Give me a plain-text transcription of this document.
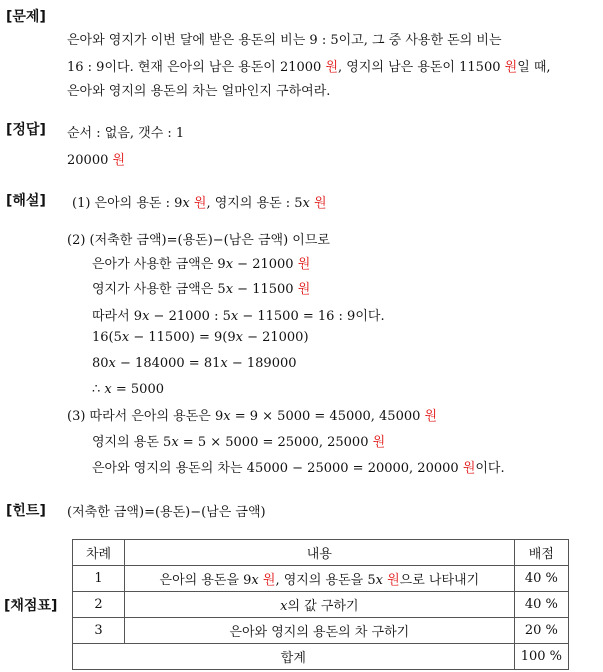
[문제]
은아와 영지가 이번 달에 받은 용돈의 비는 9 : 5이고, 그 중 사용한 돈의 비는
16 : 9이다. 현재 은아의 남은 용돈이 21000 원, 영지의 남은 용돈이 11500 원일 때,
은아와 영지의 용돈의 차는 얼마인지 구하여라.
[정답] 순서 : 없음, 갯수 : 1
20000 원
[해설] (1) 은아의 용돈 : 9x 원, 영지의 용돈 : 5x 원
(2) (저축한 금액)=(용돈)−(남은 금액) 이므로
은아가 사용한 금액은 9x − 21000 원
영지가 사용한 금액은 5x − 11500 원
따라서 9x − 21000 : 5x − 11500 = 16 : 9이다.
16(5x − 11500) = 9(9x − 21000)
80x − 184000 = 81x − 189000
∴ x = 5000
(3) 따라서 은아의 용돈은 9x = 9 × 5000 = 45000, 45000 원
영지의 용돈 5x = 5 × 5000 = 25000, 25000 원
은아와 영지의 용돈의 차는 45000 − 25000 = 20000, 20000 원이다.
[힌트] (저축한 금액)=(용돈)−(남은 금액)
[채점표]
차례	내용	배점
1	은아의 용돈을 9x 원, 영지의 용돈을 5x 원으로 나타내기	40 %
2	x의 값 구하기	40 %
3	은아와 영지의 용돈의 차 구하기	20 %
합계		100 %
